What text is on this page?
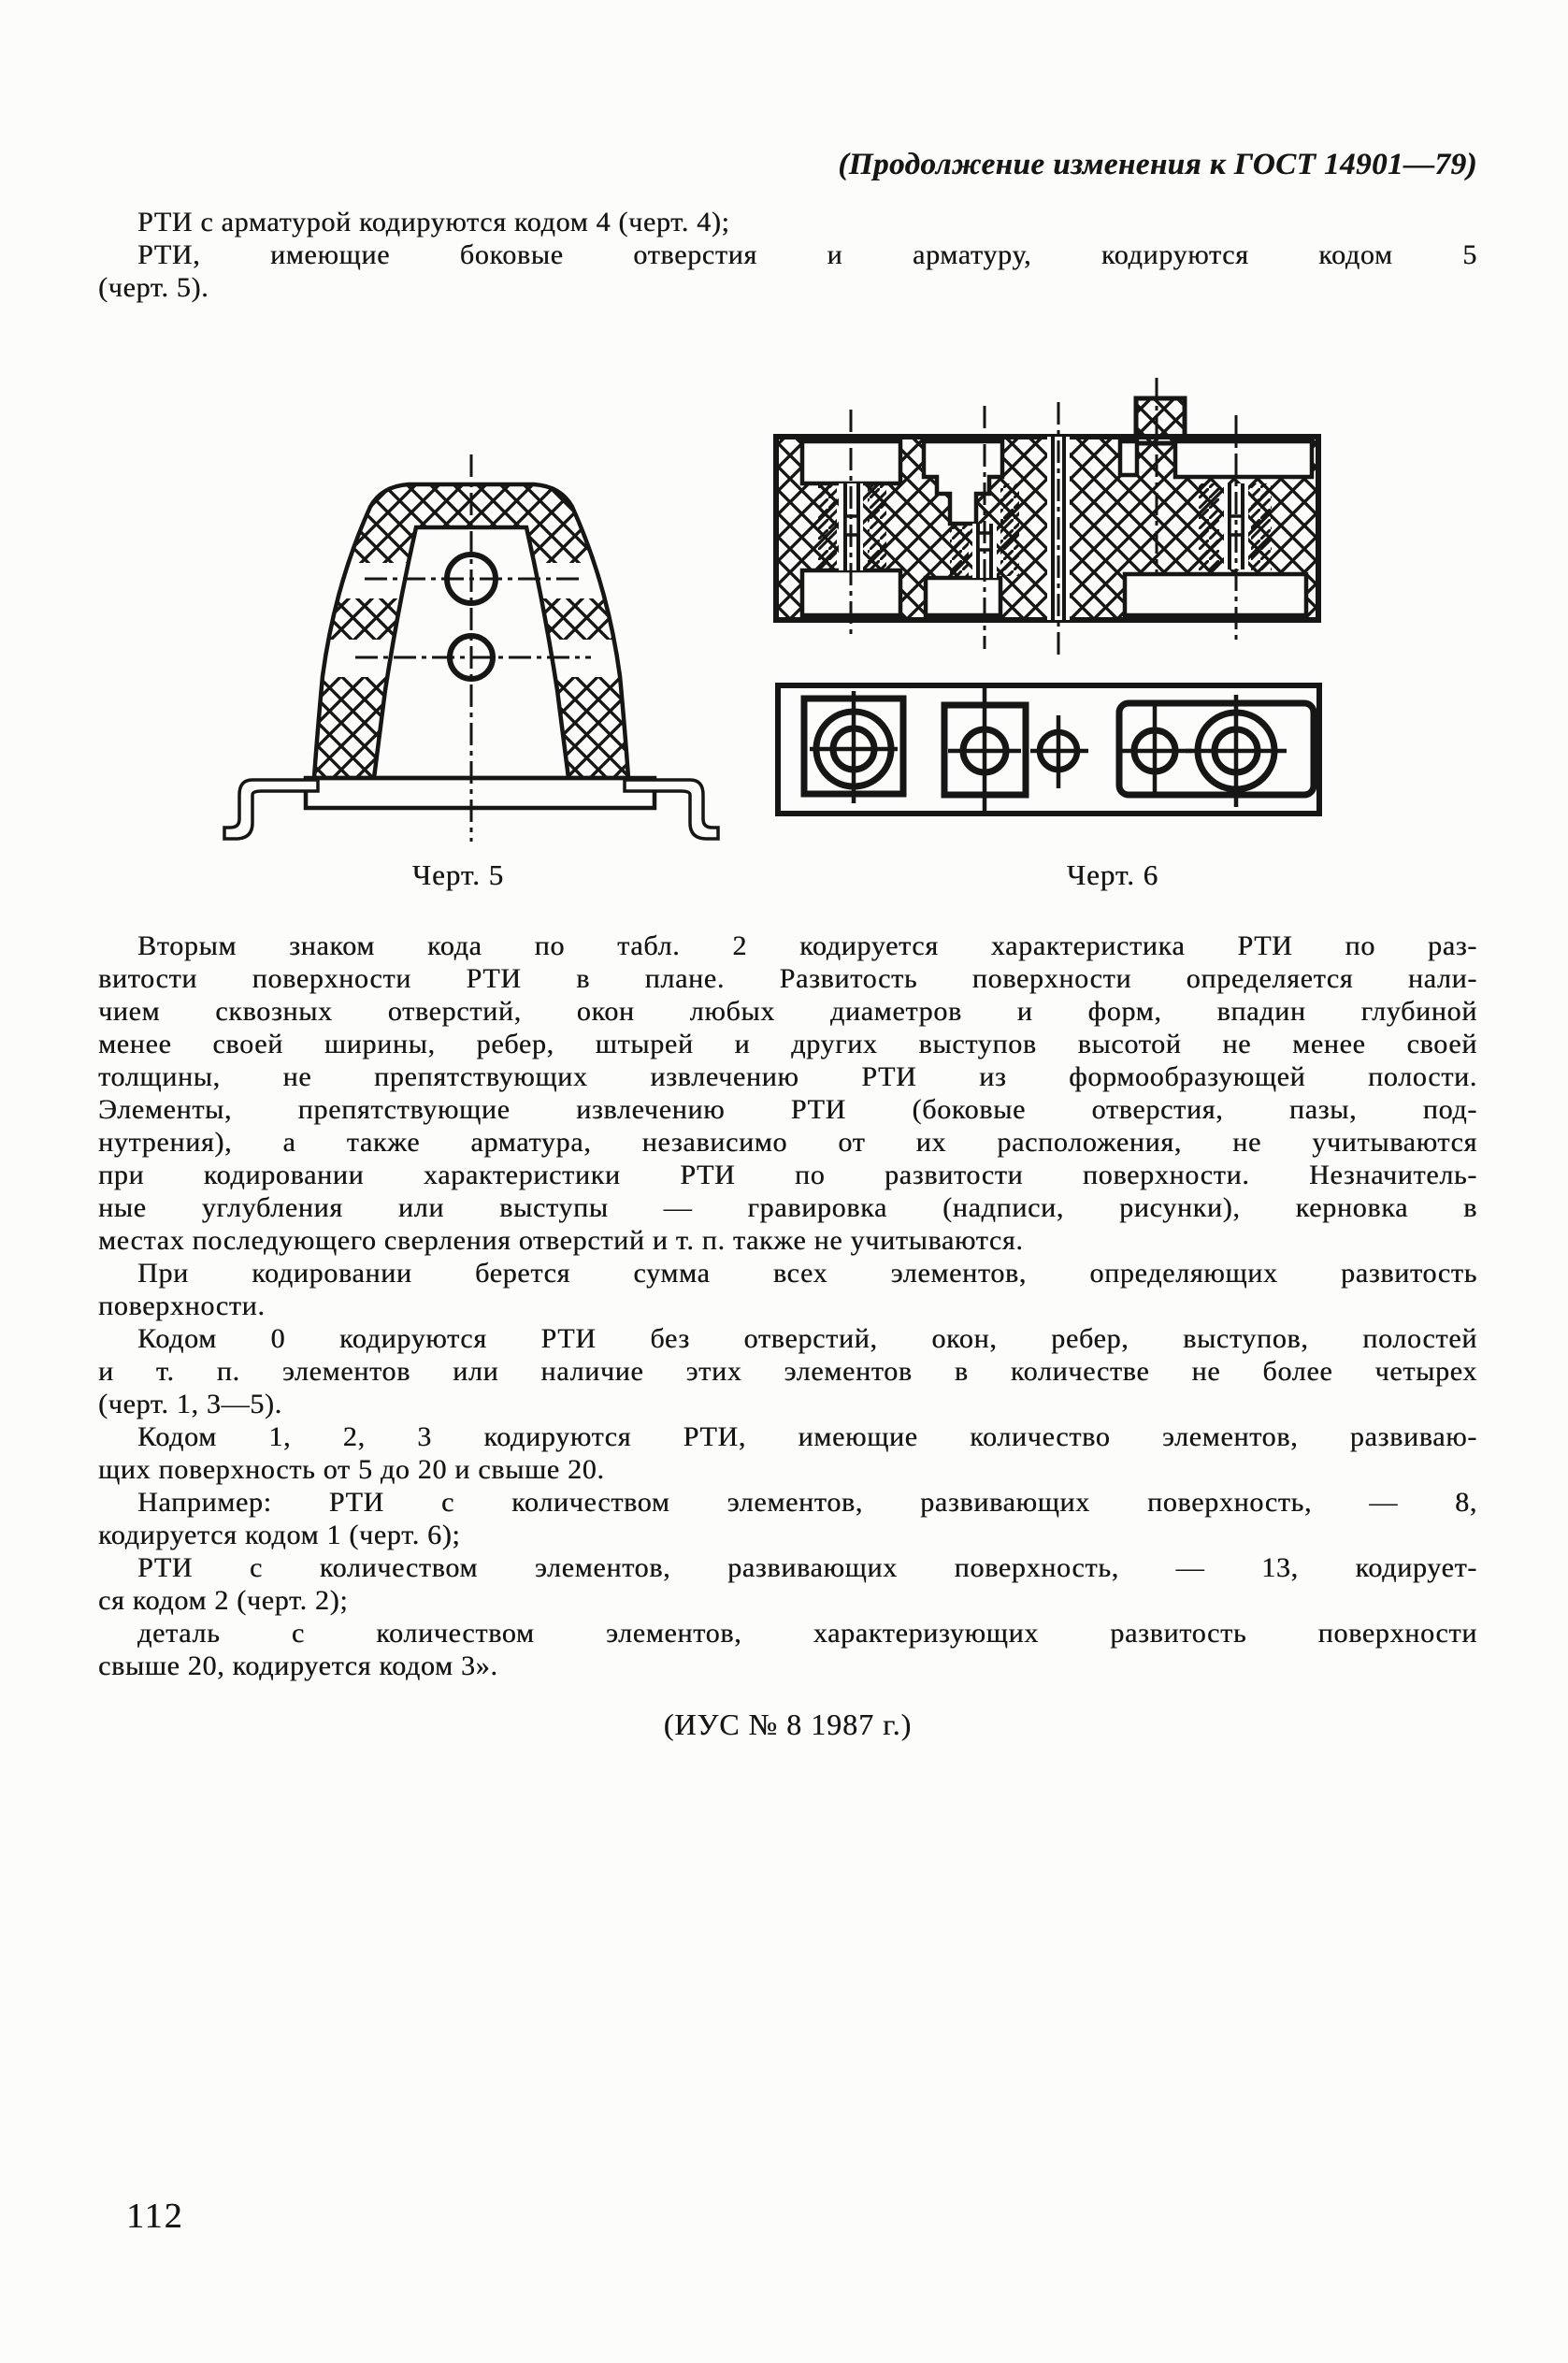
(Продолжение изменения к ГОСТ 14901—79)
РТИ с арматурой кодируются кодом 4 (черт. 4);
РТИ, имеющие боковые отверстия и арматуру, кодируются кодом 5
(черт. 5).
Черт. 5	Черт. 6
Вторым знаком кода по табл. 2 кодируется характеристика РТИ по раз-
витости поверхности РТИ в плане. Развитость поверхности определяется нали-
чием сквозных отверстий, окон любых диаметров и форм, впадин глубиной
менее своей ширины, ребер, штырей и других выступов высотой не менее своей
толщины, не препятствующих извлечению РТИ из формообразующей полости.
Элементы, препятствующие извлечению РТИ (боковые отверстия, пазы, под-
нутрения), а также арматура, независимо от их расположения, не учитываются
при кодировании характеристики РТИ по развитости поверхности. Незначитель-
ные углубления или выступы — гравировка (надписи, рисунки), керновка в
местах последующего сверления отверстий и т. п. также не учитываются.
При кодировании берется сумма всех элементов, определяющих развитость
поверхности.
Кодом 0 кодируются РТИ без отверстий, окон, ребер, выступов, полостей
и т. п. элементов или наличие этих элементов в количестве не более четырех
(черт. 1, 3—5).
Кодом 1, 2, 3 кодируются РТИ, имеющие количество элементов, развиваю-
щих поверхность от 5 до 20 и свыше 20.
Например: РТИ с количеством элементов, развивающих поверхность, — 8,
кодируется кодом 1 (черт. 6);
РТИ с количеством элементов, развивающих поверхность, — 13, кодирует-
ся кодом 2 (черт. 2);
деталь с количеством элементов, характеризующих развитость поверхности
свыше 20, кодируется кодом 3».
(ИУС № 8 1987 г.)
112
